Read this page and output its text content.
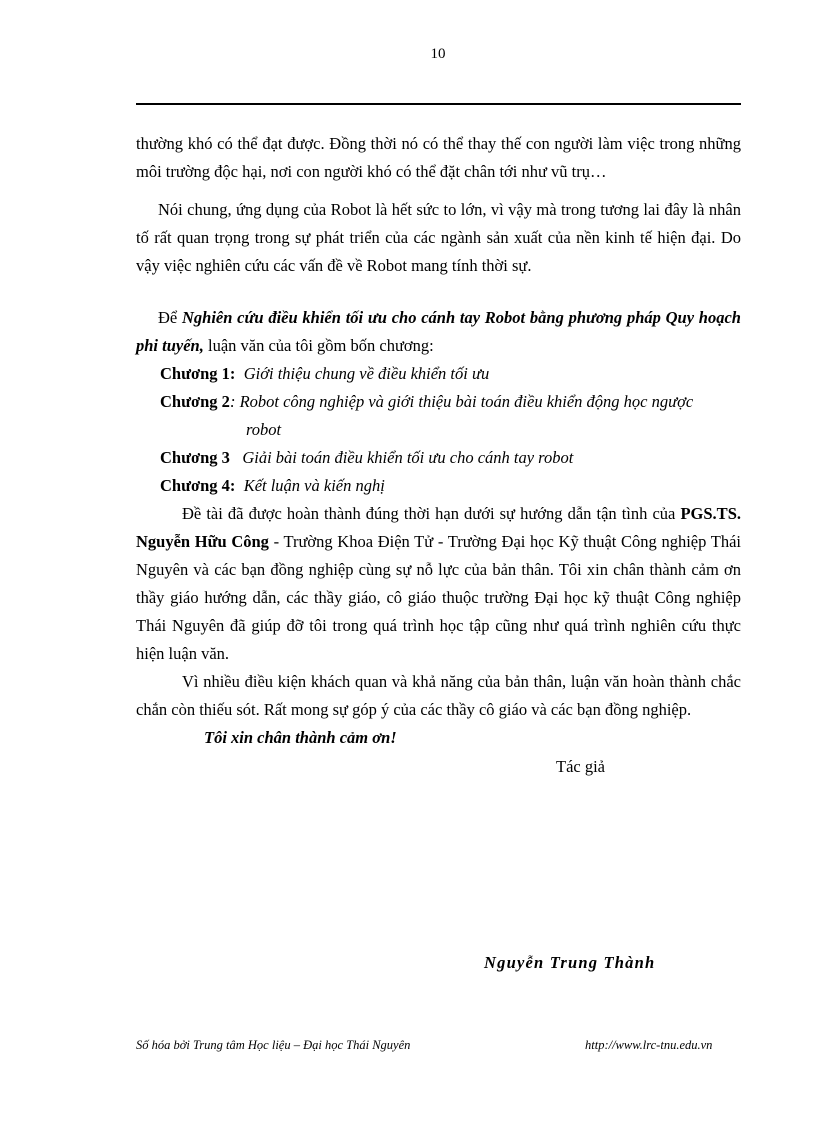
10

thường khó có thể đạt được. Đồng thời nó có thể thay thế con người làm việc trong những môi trường độc hại, nơi con người khó có thể đặt chân tới như vũ trụ…

Nói chung, ứng dụng của Robot là hết sức to lớn, vì vậy mà trong tương lai đây là nhân tố rất quan trọng trong sự phát triển của các ngành sản xuất của nền kinh tế hiện đại. Do vậy việc nghiên cứu các vấn đề về Robot mang tính thời sự.

Để Nghiên cứu điều khiển tối ưu cho cánh tay Robot bằng phương pháp Quy hoạch phi tuyến, luận văn của tôi gồm bốn chương:

Chương 1: Giới thiệu chung về điều khiển tối ưu
Chương 2: Robot công nghiệp và giới thiệu bài toán điều khiển động học ngược
robot
Chương 3 Giải bài toán điều khiển tối ưu cho cánh tay robot
Chương 4: Kết luận và kiến nghị

Đề tài đã được hoàn thành đúng thời hạn dưới sự hướng dẫn tận tình của PGS.TS. Nguyễn Hữu Công - Trường Khoa Điện Tử - Trường Đại học Kỹ thuật Công nghiệp Thái Nguyên và các bạn đồng nghiệp cùng sự nỗ lực của bản thân. Tôi xin chân thành cảm ơn thầy giáo hướng dẫn, các thầy giáo, cô giáo thuộc trường Đại học kỹ thuật Công nghiệp Thái Nguyên đã giúp đỡ tôi trong quá trình học tập cũng như quá trình nghiên cứu thực hiện luận văn.

Vì nhiều điều kiện khách quan và khả năng của bản thân, luận văn hoàn thành chắc chắn còn thiếu sót. Rất mong sự góp ý của các thầy cô giáo và các bạn đồng nghiệp.

Tôi xin chân thành cảm ơn!
Tác giả
Nguyễn Trung Thành
Số hóa bởi Trung tâm Học liệu – Đại học Thái Nguyên	http://www.lrc-tnu.edu.vn
